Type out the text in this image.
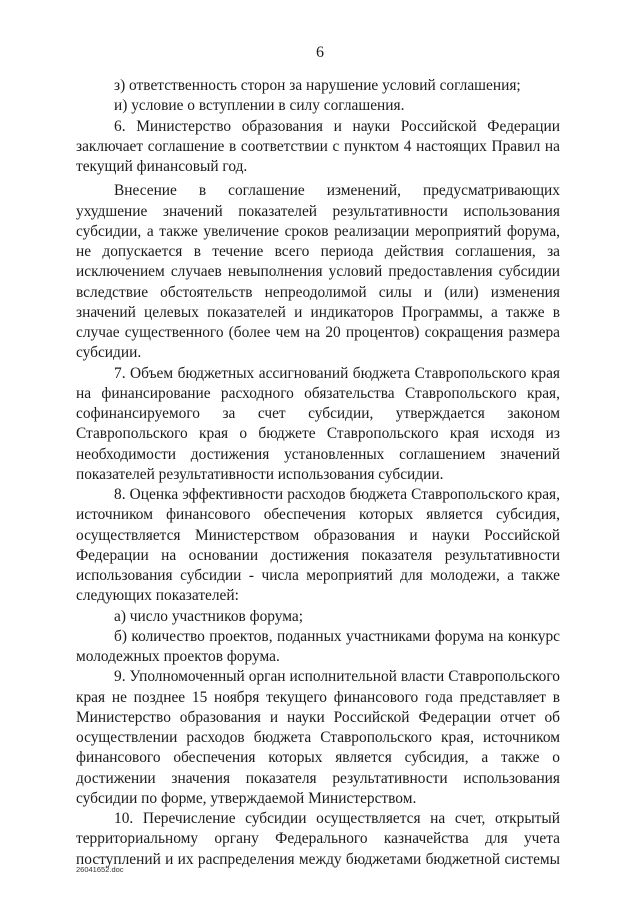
6

з) ответственность сторон за нарушение условий соглашения;

и) условие о вступлении в силу соглашения.

6. Министерство образования и науки Российской Федерации заключает соглашение в соответствии с пунктом 4 настоящих Правил на текущий финансовый год.

Внесение в соглашение изменений, предусматривающих ухудшение значений показателей результативности использования субсидии, а также увеличение сроков реализации мероприятий форума, не допускается в течение всего периода действия соглашения, за исключением случаев невыполнения условий предоставления субсидии вследствие обстоятельств непреодолимой силы и (или) изменения значений целевых показателей и индикаторов Программы, а также в случае существенного (более чем на 20 процентов) сокращения размера субсидии.

7. Объем бюджетных ассигнований бюджета Ставропольского края на финансирование расходного обязательства Ставропольского края, софинансируемого за счет субсидии, утверждается законом Ставропольского края о бюджете Ставропольского края исходя из необходимости достижения установленных соглашением значений показателей результативности использования субсидии.

8. Оценка эффективности расходов бюджета Ставропольского края, источником финансового обеспечения которых является субсидия, осуществляется Министерством образования и науки Российской Федерации на основании достижения показателя результативности использования субсидии - числа мероприятий для молодежи, а также следующих показателей:

а) число участников форума;

б) количество проектов, поданных участниками форума на конкурс молодежных проектов форума.

9. Уполномоченный орган исполнительной власти Ставропольского края не позднее 15 ноября текущего финансового года представляет в Министерство образования и науки Российской Федерации отчет об осуществлении расходов бюджета Ставропольского края, источником финансового обеспечения которых является субсидия, а также о достижении значения показателя результативности использования субсидии по форме, утверждаемой Министерством.

10. Перечисление субсидии осуществляется на счет, открытый территориальному органу Федерального казначейства для учета поступлений и их распределения между бюджетами бюджетной системы

26041652.doc
